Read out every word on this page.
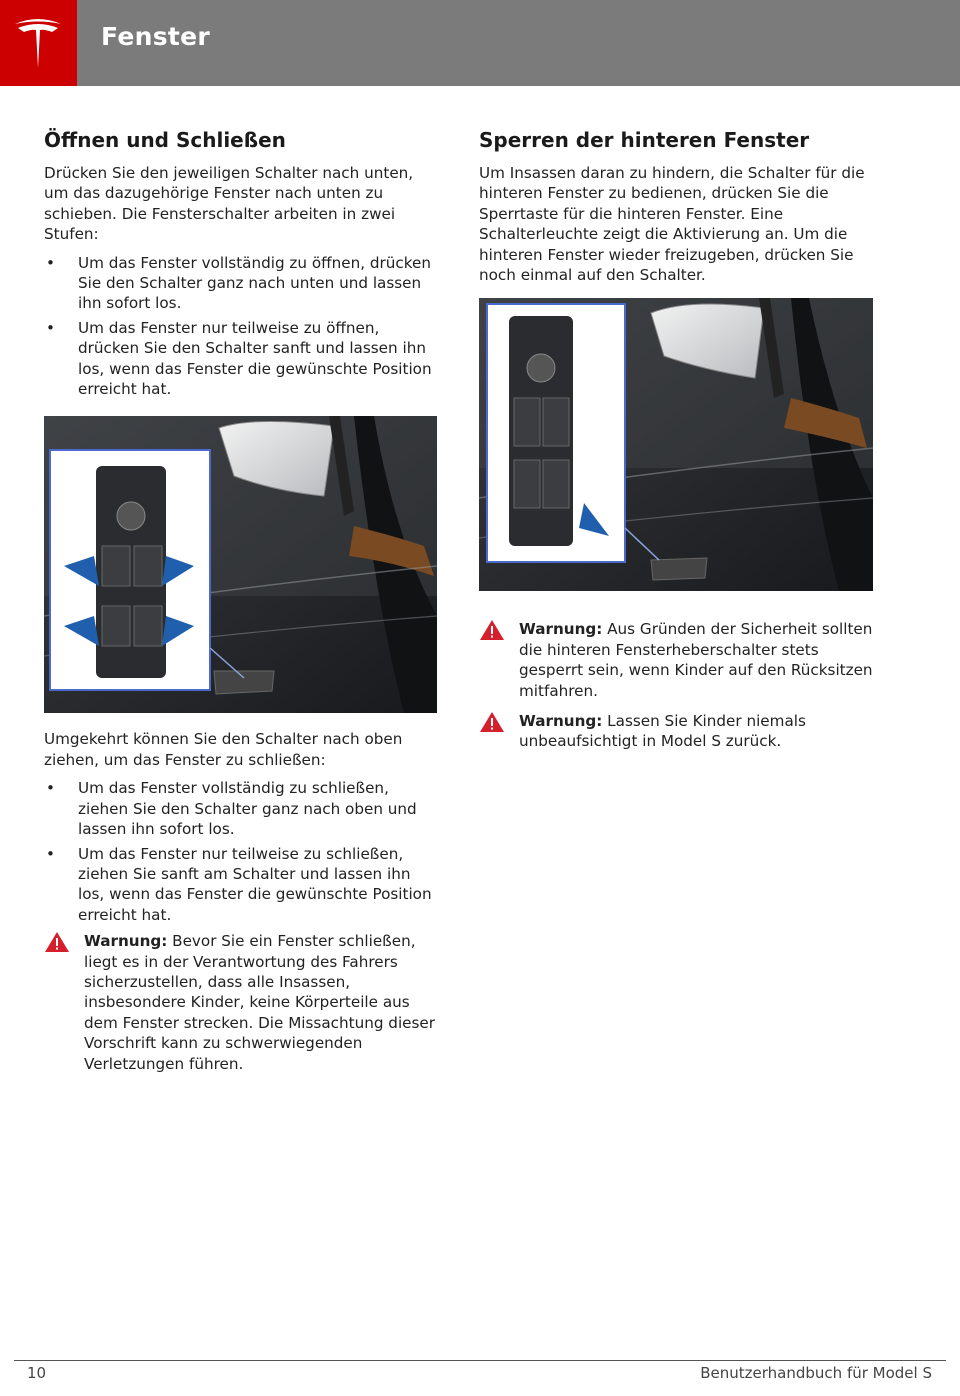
Fenster
Öffnen und Schließen

Drücken Sie den jeweiligen Schalter nach unten, um das dazugehörige Fenster nach unten zu schieben. Die Fensterschalter arbeiten in zwei Stufen:

• Um das Fenster vollständig zu öffnen, drücken Sie den Schalter ganz nach unten und lassen ihn sofort los.
• Um das Fenster nur teilweise zu öffnen, drücken Sie den Schalter sanft und lassen ihn los, wenn das Fenster die gewünschte Position erreicht hat.

Umgekehrt können Sie den Schalter nach oben ziehen, um das Fenster zu schließen:

• Um das Fenster vollständig zu schließen, ziehen Sie den Schalter ganz nach oben und lassen ihn sofort los.
• Um das Fenster nur teilweise zu schließen, ziehen Sie sanft am Schalter und lassen ihn los, wenn das Fenster die gewünschte Position erreicht hat.
Warnung: Bevor Sie ein Fenster schließen, liegt es in der Verantwortung des Fahrers sicherzustellen, dass alle Insassen, insbesondere Kinder, keine Körperteile aus dem Fenster strecken. Die Missachtung dieser Vorschrift kann zu schwerwiegenden Verletzungen führen.
Sperren der hinteren Fenster

Um Insassen daran zu hindern, die Schalter für die hinteren Fenster zu bedienen, drücken Sie die Sperrtaste für die hinteren Fenster. Eine Schalterleuchte zeigt die Aktivierung an. Um die hinteren Fenster wieder freizugeben, drücken Sie noch einmal auf den Schalter.

Warnung: Aus Gründen der Sicherheit sollten die hinteren Fensterheberschalter stets gesperrt sein, wenn Kinder auf den Rücksitzen mitfahren.
Warnung: Lassen Sie Kinder niemals unbeaufsichtigt in Model S zurück.
10	Benutzerhandbuch für Model S
